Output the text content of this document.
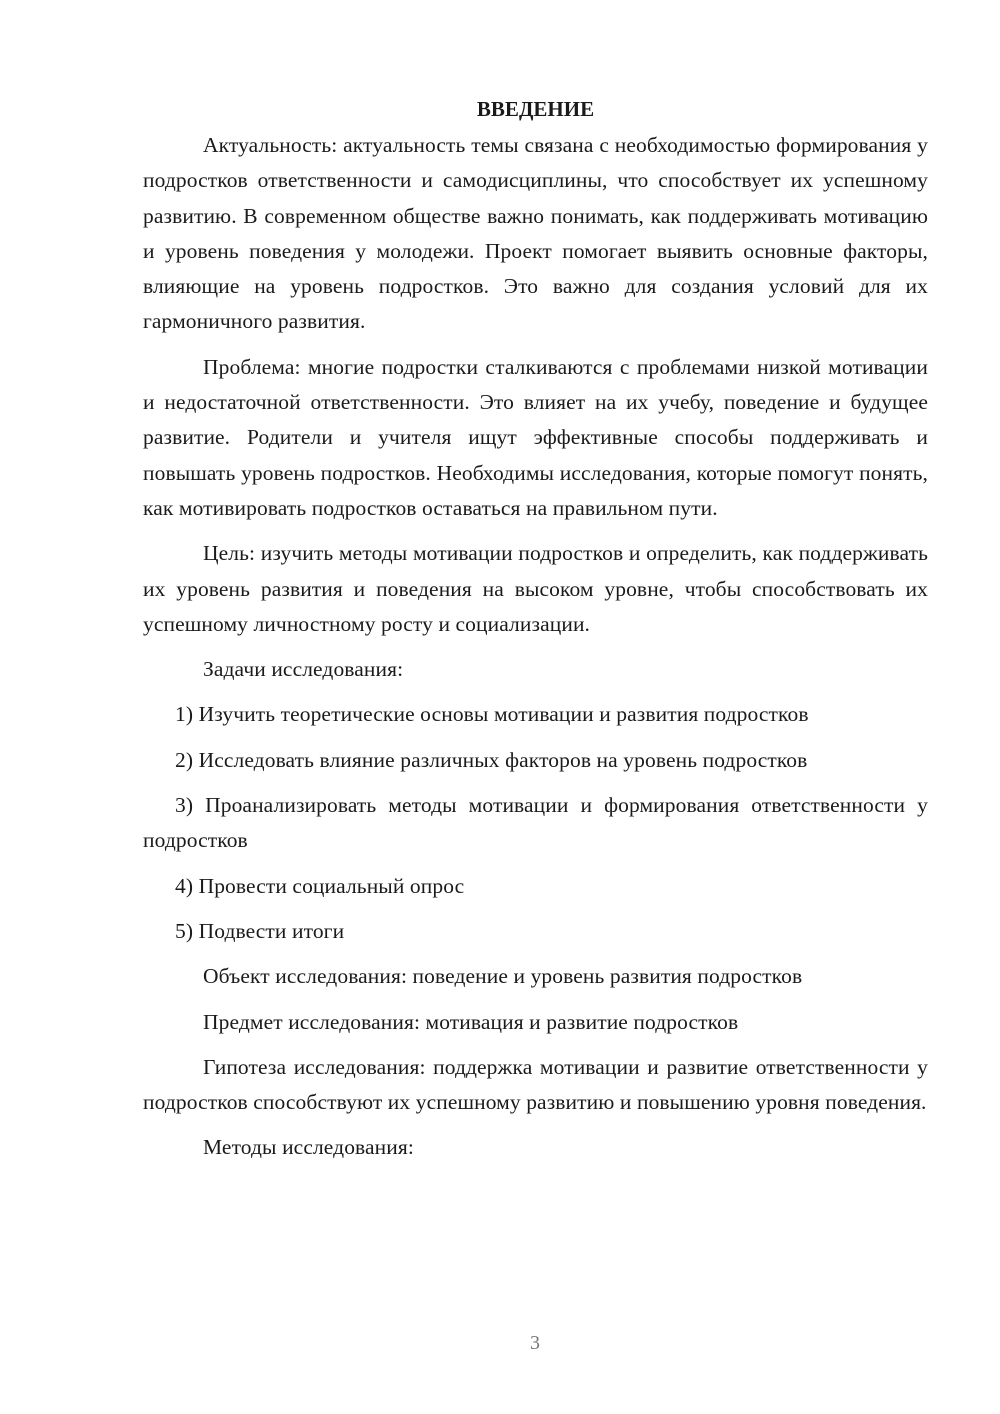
ВВЕДЕНИЕ

Актуальность: актуальность темы связана с необходимостью формирования у подростков ответственности и самодисциплины, что способствует их успешному развитию. В современном обществе важно понимать, как поддерживать мотивацию и уровень поведения у молодежи. Проект помогает выявить основные факторы, влияющие на уровень подростков. Это важно для создания условий для их гармоничного развития.

Проблема: многие подростки сталкиваются с проблемами низкой мотивации и недостаточной ответственности. Это влияет на их учебу, поведение и будущее развитие. Родители и учителя ищут эффективные способы поддерживать и повышать уровень подростков. Необходимы исследования, которые помогут понять, как мотивировать подростков оставаться на правильном пути.

Цель: изучить методы мотивации подростков и определить, как поддерживать их уровень развития и поведения на высоком уровне, чтобы способствовать их успешному личностному росту и социализации.

Задачи исследования:

1) Изучить теоретические основы мотивации и развития подростков

2) Исследовать влияние различных факторов на уровень подростков

3) Проанализировать методы мотивации и формирования ответственности у подростков

4) Провести социальный опрос

5) Подвести итоги

Объект исследования: поведение и уровень развития подростков

Предмет исследования: мотивация и развитие подростков

Гипотеза исследования: поддержка мотивации и развитие ответственности у подростков способствуют их успешному развитию и повышению уровня поведения.

Методы исследования:

3
